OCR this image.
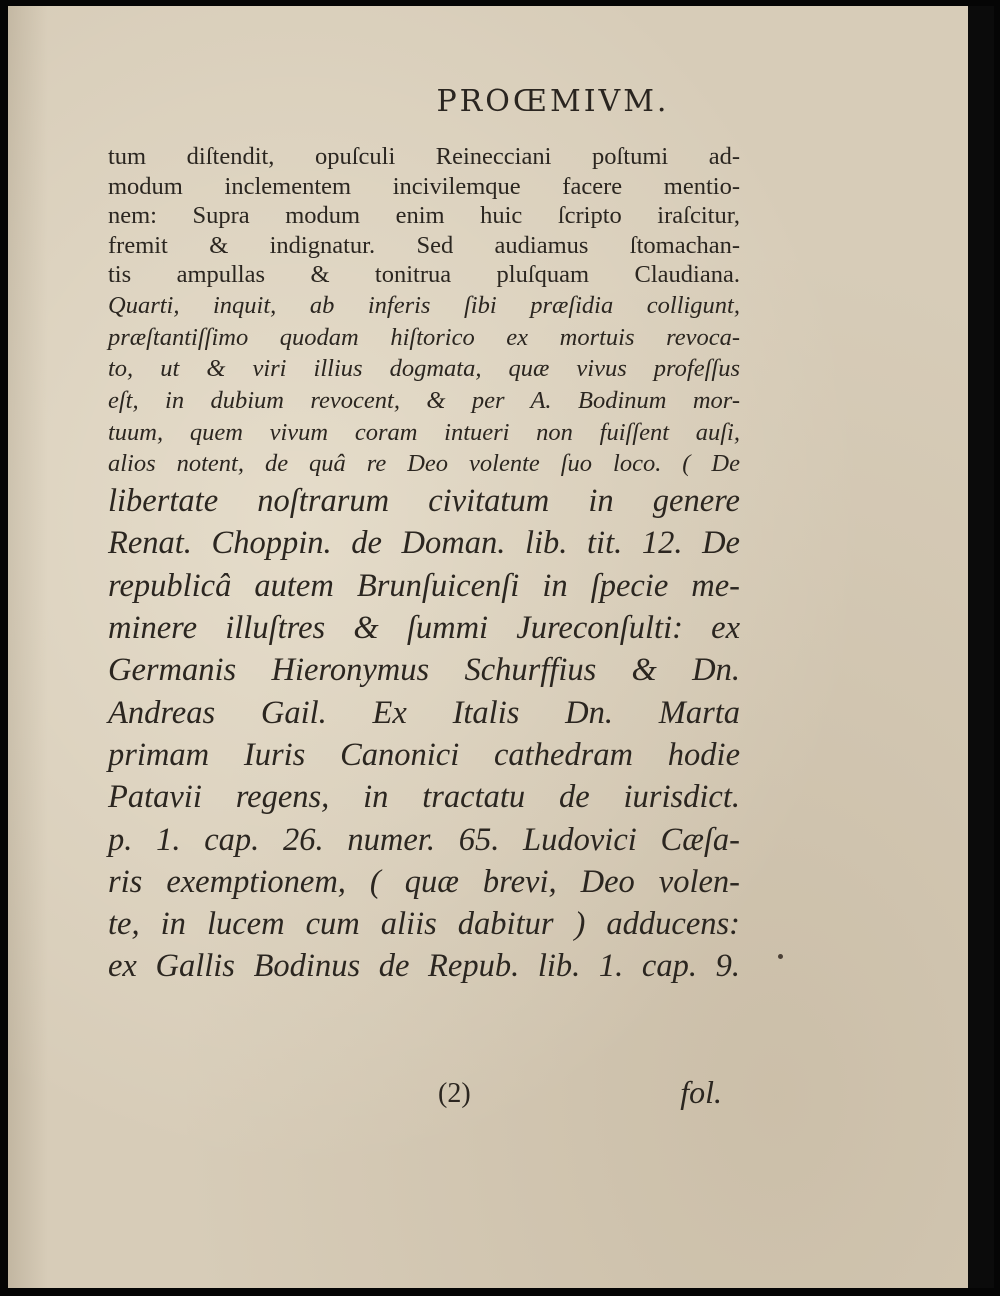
PROŒMIVM.
tum diſtendit, opuſculi Reinecciani poſtumi ad-
modum inclementem incivilemque facere mentio-
nem: Supra modum enim huic ſcripto iraſcitur,
fremit & indignatur. Sed audiamus ſtomachan-
tis ampullas & tonitrua pluſquam Claudiana.
Quarti, inquit, ab inferis ſibi præſidia colligunt,
præſtantiſſimo quodam hiſtorico ex mortuis revoca-
to, ut & viri illius dogmata, quæ vivus profeſſus
eſt, in dubium revocent, & per A. Bodinum mor-
tuum, quem vivum coram intueri non fuiſſent auſi,
alios notent, de quâ re Deo volente ſuo loco. ( De
libertate noſtrarum civitatum in genere
Renat. Choppin. de Doman. lib. tit. 12. De
republicâ autem Brunſuicenſi in ſpecie me-
minere illuſtres & ſummi Jureconſulti: ex
Germanis Hieronymus Schurffius & Dn.
Andreas Gail. Ex Italis Dn. Marta
primam Iuris Canonici cathedram hodie
Patavii regens, in tractatu de iurisdict.
p. 1. cap. 26. numer. 65. Ludovici Cæſa-
ris exemptionem, ( quæ brevi, Deo volen-
te, in lucem cum aliis dabitur ) adducens:
ex Gallis Bodinus de Repub. lib. 1. cap. 9.
(2)	fol.
